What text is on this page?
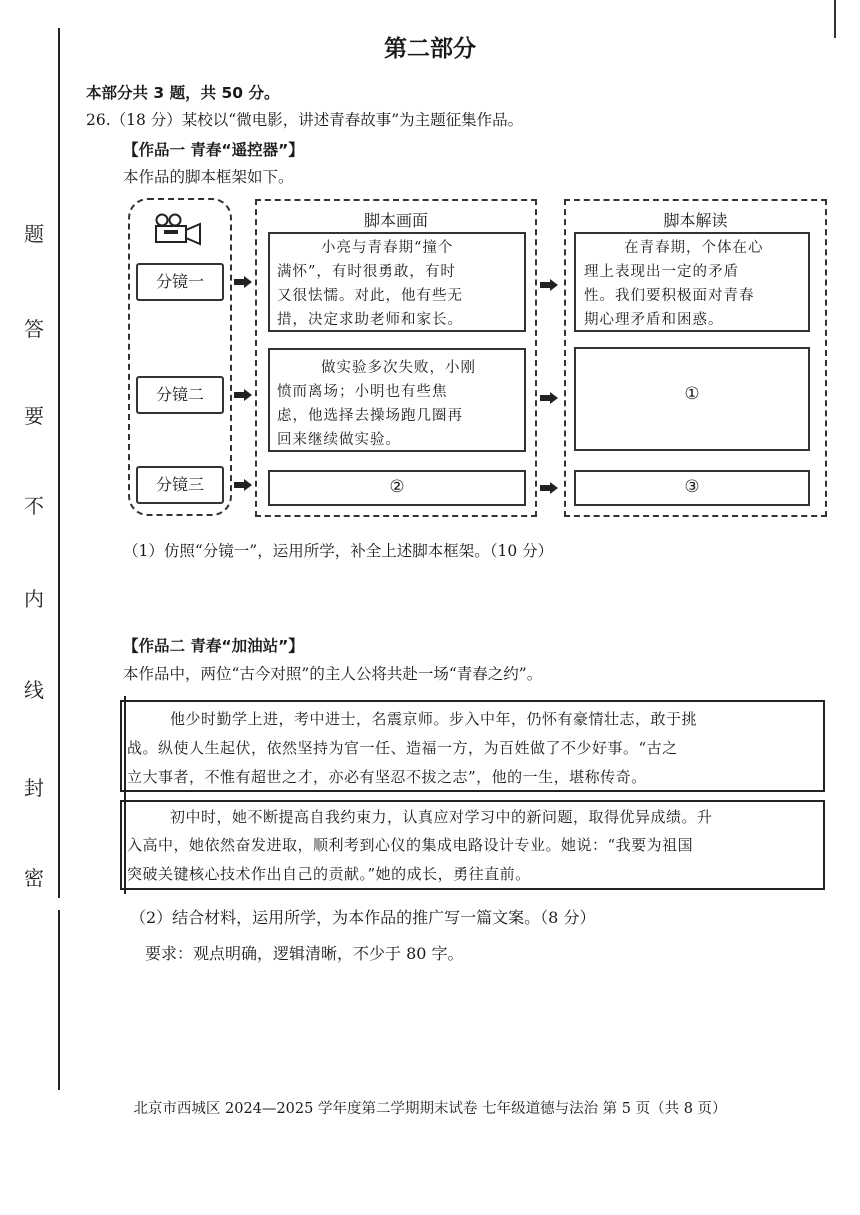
题
答
要
不
内
线
封
密
第二部分
本部分共 3 题，共 50 分。
26.（18 分）某校以“微电影，讲述青春故事”为主题征集作品。
【作品一 青春“遥控器”】
本作品的脚本框架如下。
分镜一
分镜二
分镜三
脚本画面	脚本解读
小亮与青春期“撞个
满怀”，有时很勇敢，有时
又很怯懦。对此，他有些无
措，决定求助老师和家长。
在青春期，个体在心
理上表现出一定的矛盾
性。我们要积极面对青春
期心理矛盾和困惑。
做实验多次失败，小刚
愤而离场；小明也有些焦
虑，他选择去操场跑几圈再
回来继续做实验。
①
②	③
（1）仿照“分镜一”，运用所学，补全上述脚本框架。（10 分）
【作品二 青春“加油站”】
本作品中，两位“古今对照”的主人公将共赴一场“青春之约”。
他少时勤学上进，考中进士，名震京师。步入中年，仍怀有豪情壮志，敢于挑
战。纵使人生起伏，依然坚持为官一任、造福一方，为百姓做了不少好事。“古之
立大事者，不惟有超世之才，亦必有坚忍不拔之志”，他的一生，堪称传奇。
初中时，她不断提高自我约束力，认真应对学习中的新问题，取得优异成绩。升
入高中，她依然奋发进取，顺利考到心仪的集成电路设计专业。她说：“我要为祖国
突破关键核心技术作出自己的贡献。”她的成长，勇往直前。
（2）结合材料，运用所学，为本作品的推广写一篇文案。（8 分）
要求：观点明确，逻辑清晰，不少于 80 字。
北京市西城区 2024—2025 学年度第二学期期末试卷 七年级道德与法治 第 5 页（共 8 页）
